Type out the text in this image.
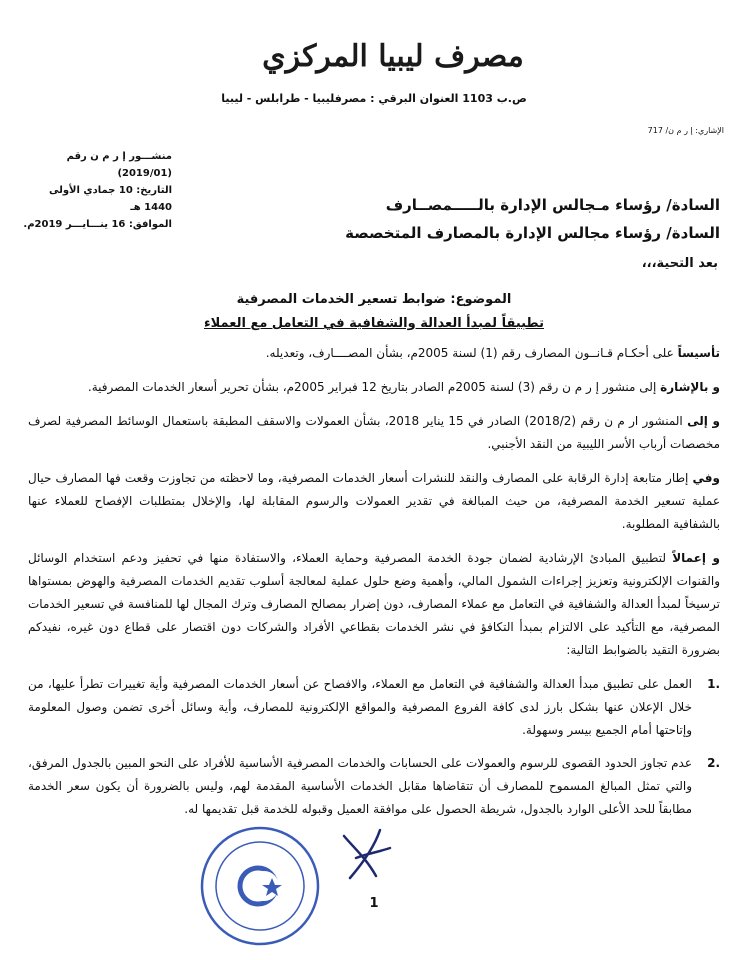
مصرف ليبيا المركزي
ص.ب 1103 العنوان البرقي : مصرفليبيا - طرابلس - ليبيا
الإشاري: إ ر م ن/ 717
منشـــور إ ر م ن رقم (2019/01)
التاريخ: 10 جمادي الأولى 1440 هـ
الموافق: 16 ينـــايـــر 2019م.
السادة/ رؤساء مـجالس الإدارة بالـــــمصــارف
السادة/ رؤساء مجالس الإدارة بالمصارف المتخصصة
بعد التحية،،،
الموضوع: ضوابط تسعير الخدمات المصرفية
تطبيقاً لمبدأ العدالة والشفافية في التعامل مع العملاء

تأسيساً على أحكـام قـانــون المصارف رقم (1) لسنة 2005م، بشأن المصــــارف، وتعديله.

و بالإشارة إلى منشور إ ر م ن رقم (3) لسنة 2005م الصادر بتاريخ 12 فبراير 2005م، بشأن تحرير أسعار الخدمات المصرفية.

و إلى المنشور ار م ن رقم (2018/2) الصادر في 15 يناير 2018، بشأن العمولات والاسقف المطبقة باستعمال الوسائط المصرفية لصرف مخصصات أرباب الأسر الليبية من النقد الأجنبي.

وفي إطار متابعة إدارة الرقابة على المصارف والنقد للنشرات أسعار الخدمات المصرفية، وما لاحظته من تجاوزت وقعت فها المصارف حيال عملية تسعير الخدمة المصرفية، من حيث المبالغة في تقدير العمولات والرسوم المقابلة لها، والإخلال بمتطلبات الإفصاح للعملاء عنها بالشفافية المطلوبة.

و إعمالاً لتطبيق المبادئ الإرشادية لضمان جودة الخدمة المصرفية وحماية العملاء، والاستفادة منها في تحفيز ودعم استخدام الوسائل والقنوات الإلكترونية وتعزيز إجراءات الشمول المالي، وأهمية وضع حلول عملية لمعالجة أسلوب تقديم الخدمات المصرفية والهوض بمستواها ترسيخاً لمبدأ العدالة والشفافية في التعامل مع عملاء المصارف، دون إضرار بمصالح المصارف وترك المجال لها للمنافسة في تسعير الخدمات المصرفية، مع التأكيد على الالتزام بمبدأ التكافؤ في نشر الخدمات بقطاعي الأفراد والشركات دون اقتصار على قطاع دون غيره، نفيدكم بضرورة التقيد بالضوابط التالية:

.1
العمل على تطبيق مبدأ العدالة والشفافية في التعامل مع العملاء، والافصاح عن أسعار الخدمات المصرفية وأية تغييرات تطرأ عليها، من خلال الإعلان عنها بشكل بارز لدى كافة الفروع المصرفية والمواقع الإلكترونية للمصارف، وأية وسائل أخرى تضمن وصول المعلومة وإتاحتها أمام الجميع بيسر وسهولة.
.2
عدم تجاوز الحدود القصوى للرسوم والعمولات على الحسابات والخدمات المصرفية الأساسية للأفراد على النحو المبين بالجدول المرفق، والتي تمثل المبالغ المسموح للمصارف أن تتقاضاها مقابل الخدمات الأساسية المقدمة لهم، وليس بالضرورة أن يكون سعر الخدمة مطابقاً للحد الأعلى الوارد بالجدول، شريطة الحصول على موافقة العميل وقبوله للخدمة قبل تقديمها له.
1
